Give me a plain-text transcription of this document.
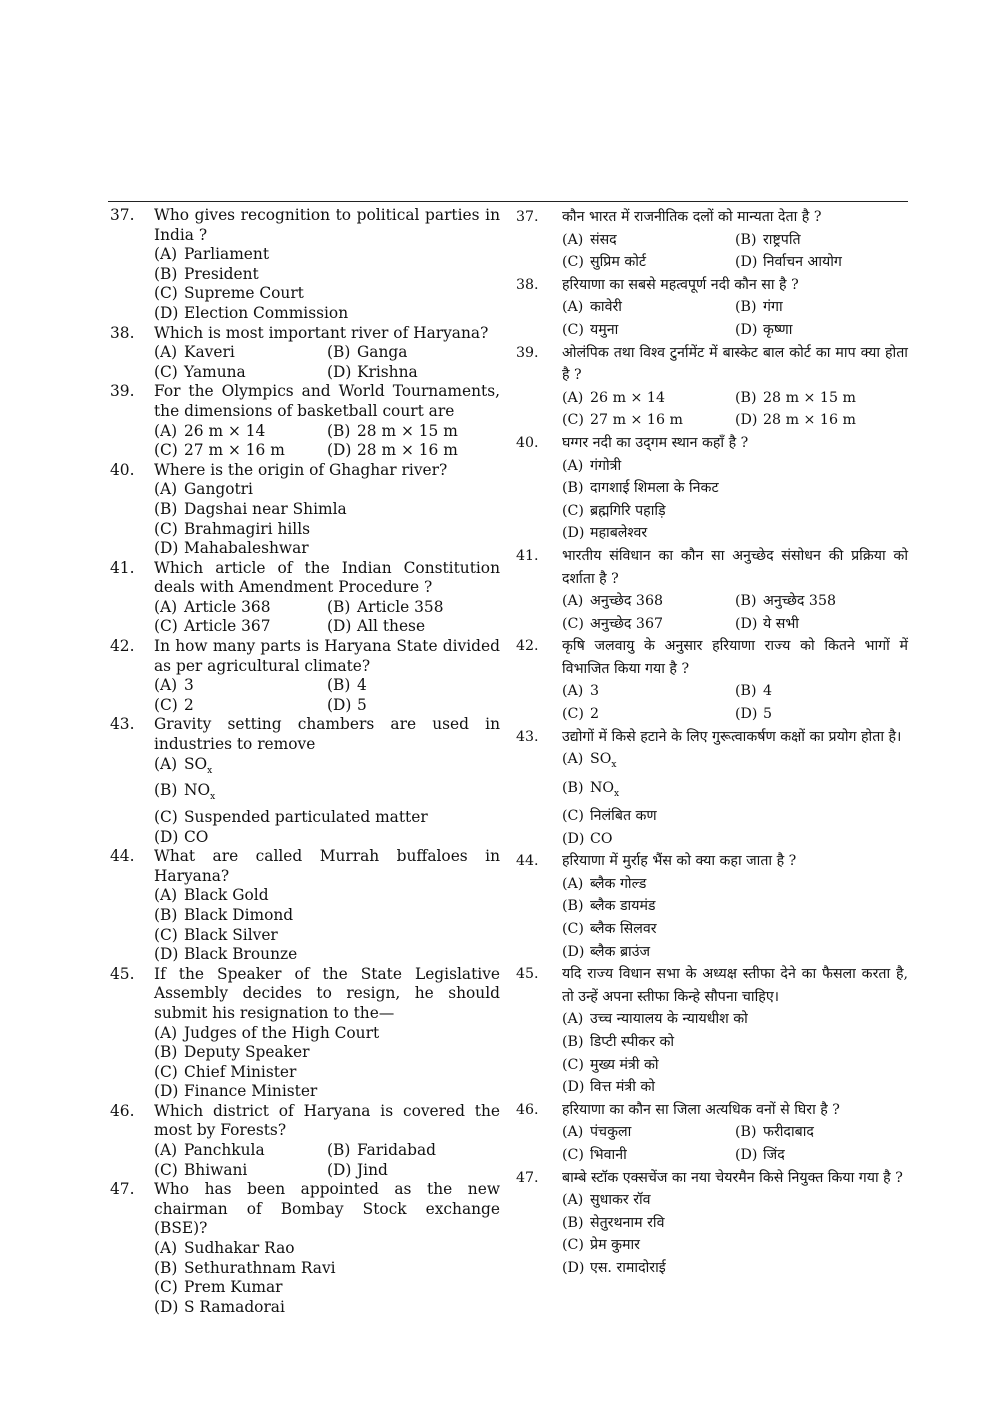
37. Who gives recognition to political parties in India ?
(A) Parliament
(B) President
(C) Supreme Court
(D) Election Commission
38. Which is most important river of Haryana?
(A) Kaveri	(B) Ganga
(C) Yamuna	(D) Krishna
39. For the Olympics and World Tournaments, the dimensions of basketball court are
(A) 26 m × 14	(B) 28 m × 15 m
(C) 27 m × 16 m	(D) 28 m × 16 m
40. Where is the origin of Ghaghar river?
(A) Gangotri
(B) Dagshai near Shimla
(C) Brahmagiri hills
(D) Mahabaleshwar
41. Which article of the Indian Constitution deals with Amendment Procedure ?
(A) Article 368	(B) Article 358
(C) Article 367	(D) All these
42. In how many parts is Haryana State divided as per agricultural climate?
(A) 3	(B) 4
(C) 2	(D) 5
43. Gravity setting chambers are used in industries to remove
(A) $SO_x$
(B) $NO_x$
(C) Suspended particulated matter
(D) CO
44. What are called Murrah buffaloes in Haryana?
(A) Black Gold
(B) Black Dimond
(C) Black Silver
(D) Black Brounze
45. If the Speaker of the State Legislative Assembly decides to resign, he should submit his resignation to the—
(A) Judges of the High Court
(B) Deputy Speaker
(C) Chief Minister
(D) Finance Minister
46. Which district of Haryana is covered the most by Forests?
(A) Panchkula	(B) Faridabad
(C) Bhiwani	(D) Jind
47. Who has been appointed as the new chairman of Bombay Stock exchange (BSE)?
(A) Sudhakar Rao
(B) Sethurathnam Ravi
(C) Prem Kumar
(D) S Ramadorai
37. कौन भारत में राजनीतिक दलों को मान्यता देता है ?
(A) संसद	(B) राष्ट्रपति
(C) सुप्रिम कोर्ट	(D) निर्वाचन आयोग
38. हरियाणा का सबसे महत्वपूर्ण नदी कौन सा है ?
(A) कावेरी	(B) गंगा
(C) यमुना	(D) कृष्णा
39. ओलंपिक तथा विश्व टुर्नामेंट में बास्केट बाल कोर्ट का माप क्या होता है ?
(A) 26 m × 14	(B) 28 m × 15 m
(C) 27 m × 16 m	(D) 28 m × 16 m
40. घग्गर नदी का उद्‌गम स्थान कहाँ है ?
(A) गंगोत्री
(B) दागशाई शिमला के निकट
(C) ब्रह्मगिरि पहाड़ि
(D) महाबलेश्वर
41. भारतीय संविधान का कौन सा अनुच्छेद संसोधन की प्रक्रिया को दर्शाता है ?
(A) अनुच्छेद 368	(B) अनुच्छेद 358
(C) अनुच्छेद 367	(D) ये सभी
42. कृषि जलवायु के अनुसार हरियाणा राज्य को कितने भागों में विभाजित किया गया है ?
(A) 3	(B) 4
(C) 2	(D) 5
43. उद्योगों में किसे हटाने के लिए गुरूत्वाकर्षण कक्षों का प्रयोग होता है।
(A) $SO_x$
(B) $NO_x$
(C) निलंबित कण
(D) CO
44. हरियाणा में मुर्राह भैंस को क्या कहा जाता है ?
(A) ब्लैक गोल्ड
(B) ब्लैक डायमंड
(C) ब्लैक सिलवर
(D) ब्लैक ब्राउंज
45. यदि राज्य विधान सभा के अध्यक्ष स्तीफा देने का फैसला करता है, तो उन्हें अपना स्तीफा किन्हे सौपना चाहिए।
(A) उच्च न्यायालय के न्यायधीश को
(B) डिप्टी स्पीकर को
(C) मुख्य मंत्री को
(D) वित्त मंत्री को
46. हरियाणा का कौन सा जिला अत्यधिक वनों से घिरा है ?
(A) पंचकुला	(B) फरीदाबाद
(C) भिवानी	(D) जिंद
47. बाम्बे स्टॉक एक्सचेंज का नया चेयरमैन किसे नियुक्त किया गया है ?
(A) सुधाकर रॉव
(B) सेतुरथनाम रवि
(C) प्रेम कुमार
(D) एस. रामादोराई
